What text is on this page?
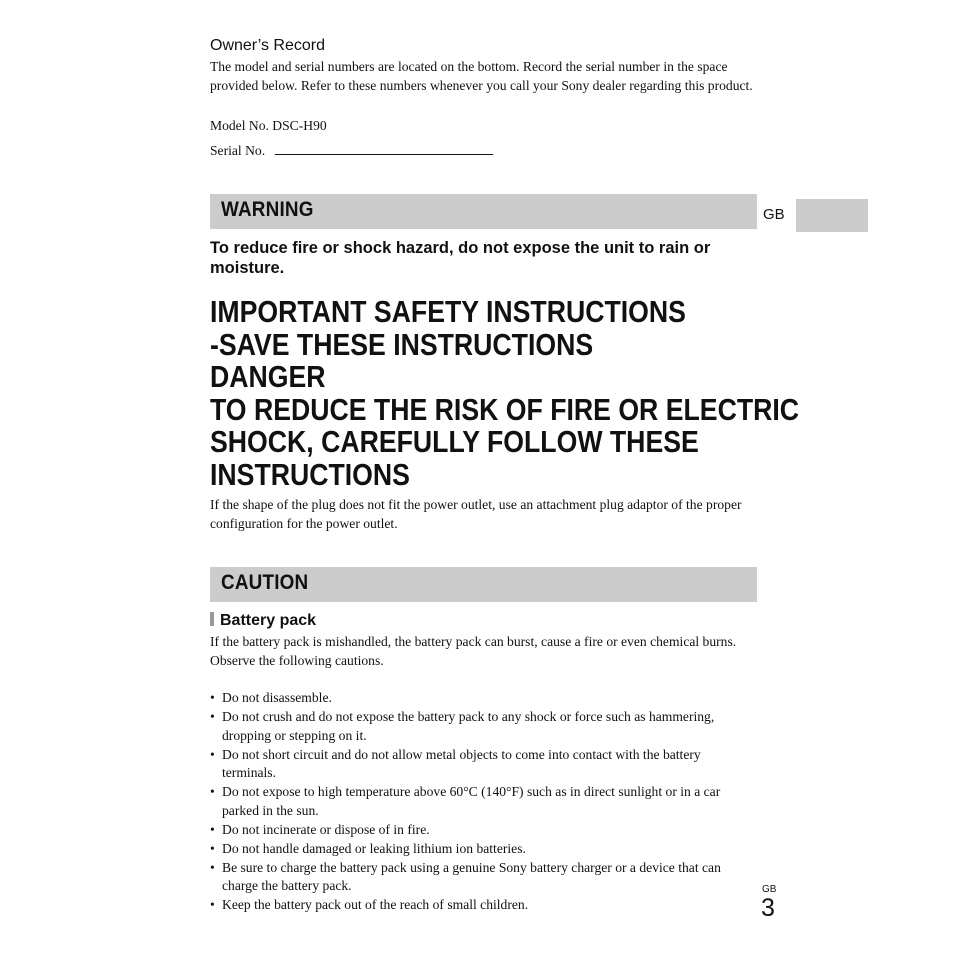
Owner’s Record
The model and serial numbers are located on the bottom. Record the serial number in the space provided below. Refer to these numbers whenever you call your Sony dealer regarding this product.
Model No. DSC-H90
Serial No.
WARNING	GB
To reduce fire or shock hazard, do not expose the unit to rain or moisture.
IMPORTANT SAFETY INSTRUCTIONS
-SAVE THESE INSTRUCTIONS
DANGER
TO REDUCE THE RISK OF FIRE OR ELECTRIC
SHOCK, CAREFULLY FOLLOW THESE
INSTRUCTIONS
If the shape of the plug does not fit the power outlet, use an attachment plug adaptor of the proper configuration for the power outlet.
CAUTION
Battery pack
If the battery pack is mishandled, the battery pack can burst, cause a fire or even chemical burns. Observe the following cautions.
• Do not disassemble.
• Do not crush and do not expose the battery pack to any shock or force such as hammering, dropping or stepping on it.
• Do not short circuit and do not allow metal objects to come into contact with the battery terminals.
• Do not expose to high temperature above 60°C (140°F) such as in direct sunlight or in a car parked in the sun.
• Do not incinerate or dispose of in fire.
• Do not handle damaged or leaking lithium ion batteries.
• Be sure to charge the battery pack using a genuine Sony battery charger or a device that can charge the battery pack.
• Keep the battery pack out of the reach of small children.
GB
3
